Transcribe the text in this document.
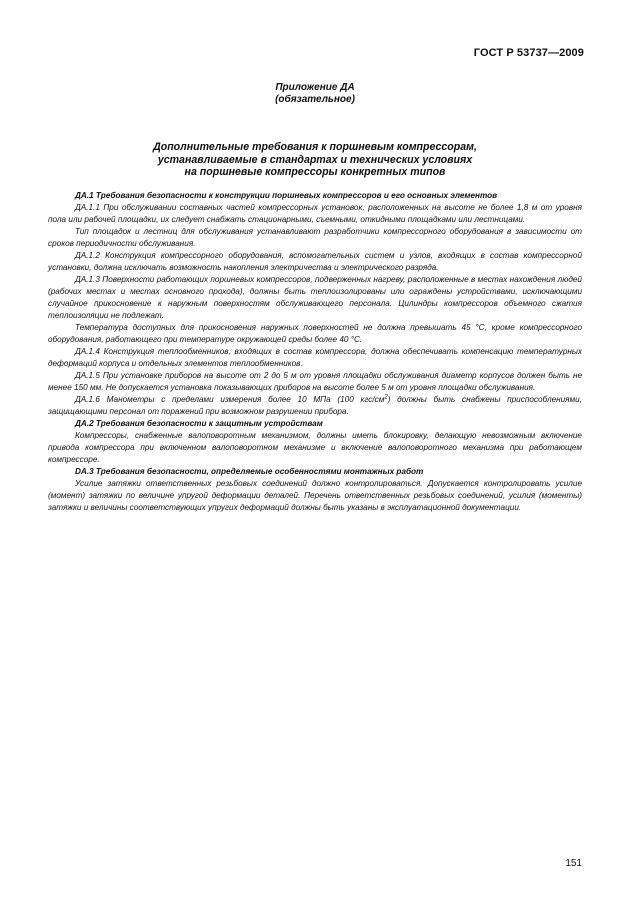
ГОСТ Р 53737—2009
Приложение ДА
(обязательное)
Дополнительные требования к поршневым компрессорам,
устанавливаемые в стандартах и технических условиях
на поршневые компрессоры конкретных типов

ДА.1 Требования безопасности к конструкции поршневых компрессоров и его основных элементов

ДА.1.1 При обслуживании составных частей компрессорных установок, расположенных на высоте не более 1,8 м от уровня пола или рабочей площадки, их следует снабжать стационарными, съемными, откидными площадками или лестницами.

Тип площадок и лестниц для обслуживания устанавливают разработчики компрессорного оборудования в зависимости от сроков периодичности обслуживания.

ДА.1.2 Конструкция компрессорного оборудования, вспомогательных систем и узлов, входящих в состав компрессорной установки, должна исключать возможность накопления электричества и электрического разряда.

ДА.1.3 Поверхности работающих поршневых компрессоров, подверженных нагреву, расположенные в местах нахождения людей (рабочих местах и местах основного прохода), должны быть теплоизолированы или ограждены устройствами, исключающими случайное прикосновение к наружным поверхностям обслуживающего персонала. Цилиндры компрессоров объемного сжатия теплоизоляции не подлежат.

Температура доступных для прикосновения наружных поверхностей не должна превышать 45 °С, кроме компрессорного оборудования, работающего при температуре окружающей среды более 40 °С.

ДА.1.4 Конструкция теплообменников, входящих в состав компрессора, должна обеспечивать компенсацию температурных деформаций корпуса и отдельных элементов теплообменников.

ДА.1.5 При установке приборов на высоте от 2 до 5 м от уровня площадки обслуживания диаметр корпусов должен быть не менее 150 мм. Не допускается установка показывающих приборов на высоте более 5 м от уровня площадки обслуживания.

ДА.1.6 Манометры с пределами измерения более 10 МПа (100 кгс/$см^2$) должны быть снабжены приспособлениями, защищающими персонал от поражений при возможном разрушении прибора.

ДА.2 Требования безопасности к защитным устройствам

Компрессоры, снабженные валоповоротным механизмом, должны иметь блокировку, делающую невозможным включение привода компрессора при включенном валоповоротном механизме и включение валоповоротного механизма при работающем компрессоре.

DA.3 Требования безопасности, определяемые особенностями монтажных работ

Усилие затяжки ответственных резьбовых соединений должно контролироваться. Допускается контролировать усилие (момент) затяжки по величине упругой деформации деталей. Перечень ответственных резьбовых соединений, усилия (моменты) затяжки и величины соответствующих упругих деформаций должны быть указаны в эксплуатационной документации.

151
